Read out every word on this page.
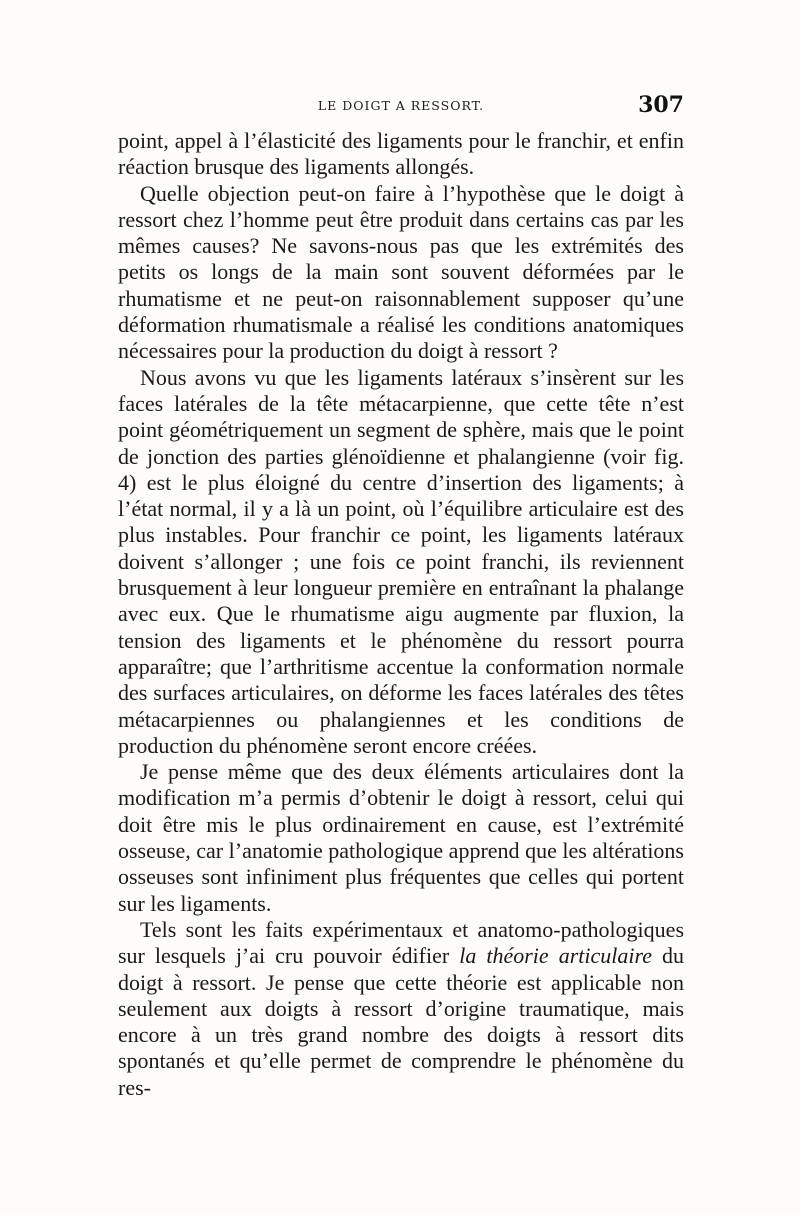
LE DOIGT A RESSORT.	307

point, appel à l’élasticité des ligaments pour le franchir, et enfin réaction brusque des ligaments allongés.

Quelle objection peut-on faire à l’hypothèse que le doigt à ressort chez l’homme peut être produit dans certains cas par les mêmes causes? Ne savons-nous pas que les extrémités des petits os longs de la main sont souvent déformées par le rhumatisme et ne peut-on raisonnablement supposer qu’une déformation rhumatismale a réalisé les conditions anatomiques nécessaires pour la production du doigt à ressort ?

Nous avons vu que les ligaments latéraux s’insèrent sur les faces latérales de la tête métacarpienne, que cette tête n’est point géométriquement un segment de sphère, mais que le point de jonction des parties glénoïdienne et phalangienne (voir fig. 4) est le plus éloigné du centre d’insertion des ligaments; à l’état normal, il y a là un point, où l’équilibre articulaire est des plus instables. Pour franchir ce point, les ligaments latéraux doivent s’allonger ; une fois ce point franchi, ils reviennent brusquement à leur longueur première en entraînant la phalange avec eux. Que le rhumatisme aigu augmente par fluxion, la tension des ligaments et le phénomène du ressort pourra apparaître; que l’arthritisme accentue la conformation normale des surfaces articulaires, on déforme les faces latérales des têtes métacarpiennes ou phalangiennes et les conditions de production du phénomène seront encore créées.

Je pense même que des deux éléments articulaires dont la modification m’a permis d’obtenir le doigt à ressort, celui qui doit être mis le plus ordinairement en cause, est l’extrémité osseuse, car l’anatomie pathologique apprend que les altérations osseuses sont infiniment plus fréquentes que celles qui portent sur les ligaments.

Tels sont les faits expérimentaux et anatomo-pathologiques sur lesquels j’ai cru pouvoir édifier la théorie articulaire du doigt à ressort. Je pense que cette théorie est applicable non seulement aux doigts à ressort d’origine traumatique, mais encore à un très grand nombre des doigts à ressort dits spontanés et qu’elle permet de comprendre le phénomène du res-
